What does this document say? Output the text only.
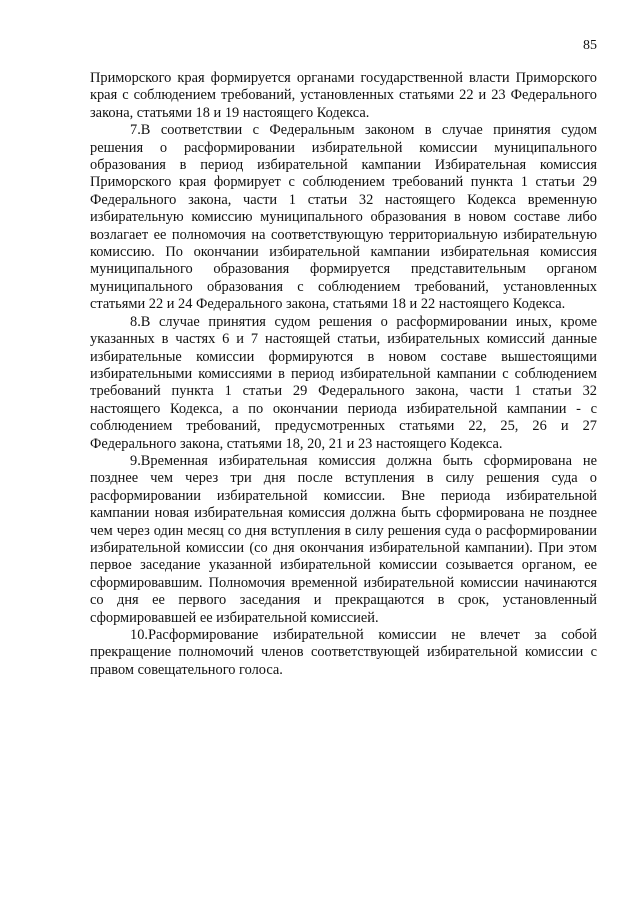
85

Приморского края формируется органами государственной власти Приморского края с соблюдением требований, установленных статьями 22 и 23 Федерального закона, статьями 18 и 19 настоящего Кодекса.

7.В соответствии с Федеральным законом в случае принятия судом решения о расформировании избирательной комиссии муниципального образования в период избирательной кампании Избирательная комиссия Приморского края формирует с соблюдением требований пункта 1 статьи 29 Федерального закона, части 1 статьи 32 настоящего Кодекса временную избирательную комиссию муниципального образования в новом составе либо возлагает ее полномочия на соответствующую территориальную избирательную комиссию. По окончании избирательной кампании избирательная комиссия муниципального образования формируется представительным органом муниципального образования с соблюдением требований, установленных статьями 22 и 24 Федерального закона, статьями 18 и 22 настоящего Кодекса.

8.В случае принятия судом решения о расформировании иных, кроме указанных в частях 6 и 7 настоящей статьи, избирательных комиссий данные избирательные комиссии формируются в новом составе вышестоящими избирательными комиссиями в период избирательной кампании с соблюдением требований пункта 1 статьи 29 Федерального закона, части 1 статьи 32 настоящего Кодекса, а по окончании периода избирательной кампании - с соблюдением требований, предусмотренных статьями 22, 25, 26 и 27 Федерального закона, статьями 18, 20, 21 и 23 настоящего Кодекса.

9.Временная избирательная комиссия должна быть сформирована не позднее чем через три дня после вступления в силу решения суда о расформировании избирательной комиссии. Вне периода избирательной кампании новая избирательная комиссия должна быть сформирована не позднее чем через один месяц со дня вступления в силу решения суда о расформировании избирательной комиссии (со дня окончания избирательной кампании). При этом первое заседание указанной избирательной комиссии созывается органом, ее сформировавшим. Полномочия временной избирательной комиссии начинаются со дня ее первого заседания и прекращаются в срок, установленный сформировавшей ее избирательной комиссией.

10.Расформирование избирательной комиссии не влечет за собой прекращение полномочий членов соответствующей избирательной комиссии с правом совещательного голоса.
